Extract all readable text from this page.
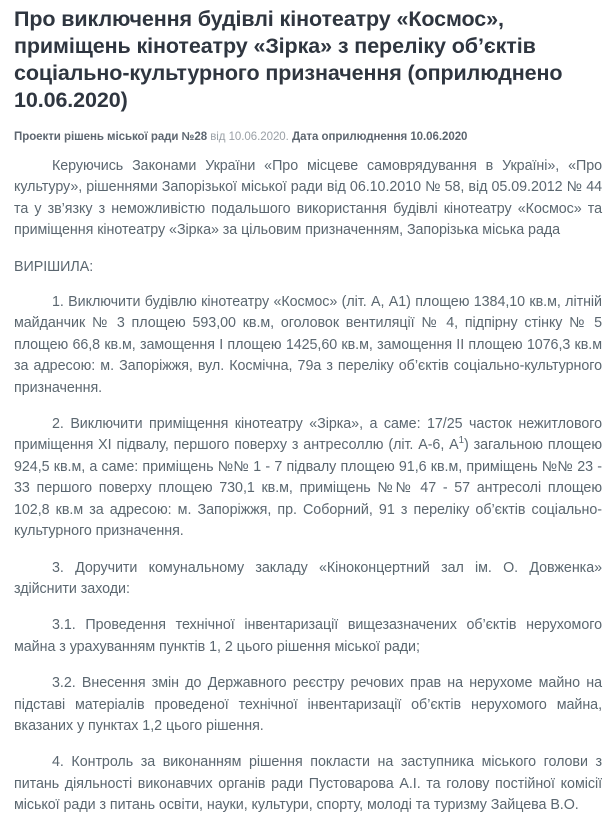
Про виключення будівлі кінотеатру «Космос», приміщень кінотеатру «Зірка» з переліку об’єктів соціально-культурного призначення (оприлюднено 10.06.2020)
Проекти рішень міської ради №28 від 10.06.2020. Дата оприлюднення 10.06.2020

Керуючись Законами України «Про місцеве самоврядування в Україні», «Про культуру», рішеннями Запорізької міської ради від 06.10.2010 № 58, від 05.09.2012 № 44 та у зв’язку з неможливістю подальшого використання будівлі кінотеатру «Космос» та приміщення кінотеатру «Зірка» за цільовим призначенням, Запорізька міська рада

ВИРІШИЛА:

1. Виключити будівлю кінотеатру «Космос» (літ. А, А1) площею 1384,10 кв.м, літній майданчик № 3 площею 593,00 кв.м, оголовок вентиляції № 4, підпірну стінку № 5 площею 66,8 кв.м, замощення I площею 1425,60 кв.м, замощення II площею 1076,3 кв.м за адресою: м. Запоріжжя, вул. Космічна, 79а з переліку об’єктів соціально-культурного призначення.

2. Виключити приміщення кінотеатру «Зірка», а саме: 17/25 часток нежитлового приміщення XI підвалу, першого поверху з антресоллю (літ. А-6, $А^1$) загальною площею 924,5 кв.м, а саме: приміщень №№ 1 - 7 підвалу площею 91,6 кв.м, приміщень №№ 23 - 33 першого поверху площею 730,1 кв.м, приміщень №№ 47 - 57 антресолі площею 102,8 кв.м за адресою: м. Запоріжжя, пр. Соборний, 91 з переліку об’єктів соціально-культурного призначення.

3. Доручити комунальному закладу «Кіноконцертний зал ім. О. Довженка» здійснити заходи:

3.1. Проведення технічної інвентаризації вищезазначених об’єктів нерухомого майна з урахуванням пунктів 1, 2 цього рішення міської ради;

3.2. Внесення змін до Державного реєстру речових прав на нерухоме майно на підставі матеріалів проведеної технічної інвентаризації об’єктів нерухомого майна, вказаних у пунктах 1,2 цього рішення.

4. Контроль за виконанням рішення покласти на заступника міського голови з питань діяльності виконавчих органів ради Пустоварова А.І. та голову постійної комісії міської ради з питань освіти, науки, культури, спорту, молоді та туризму Зайцева В.О.
